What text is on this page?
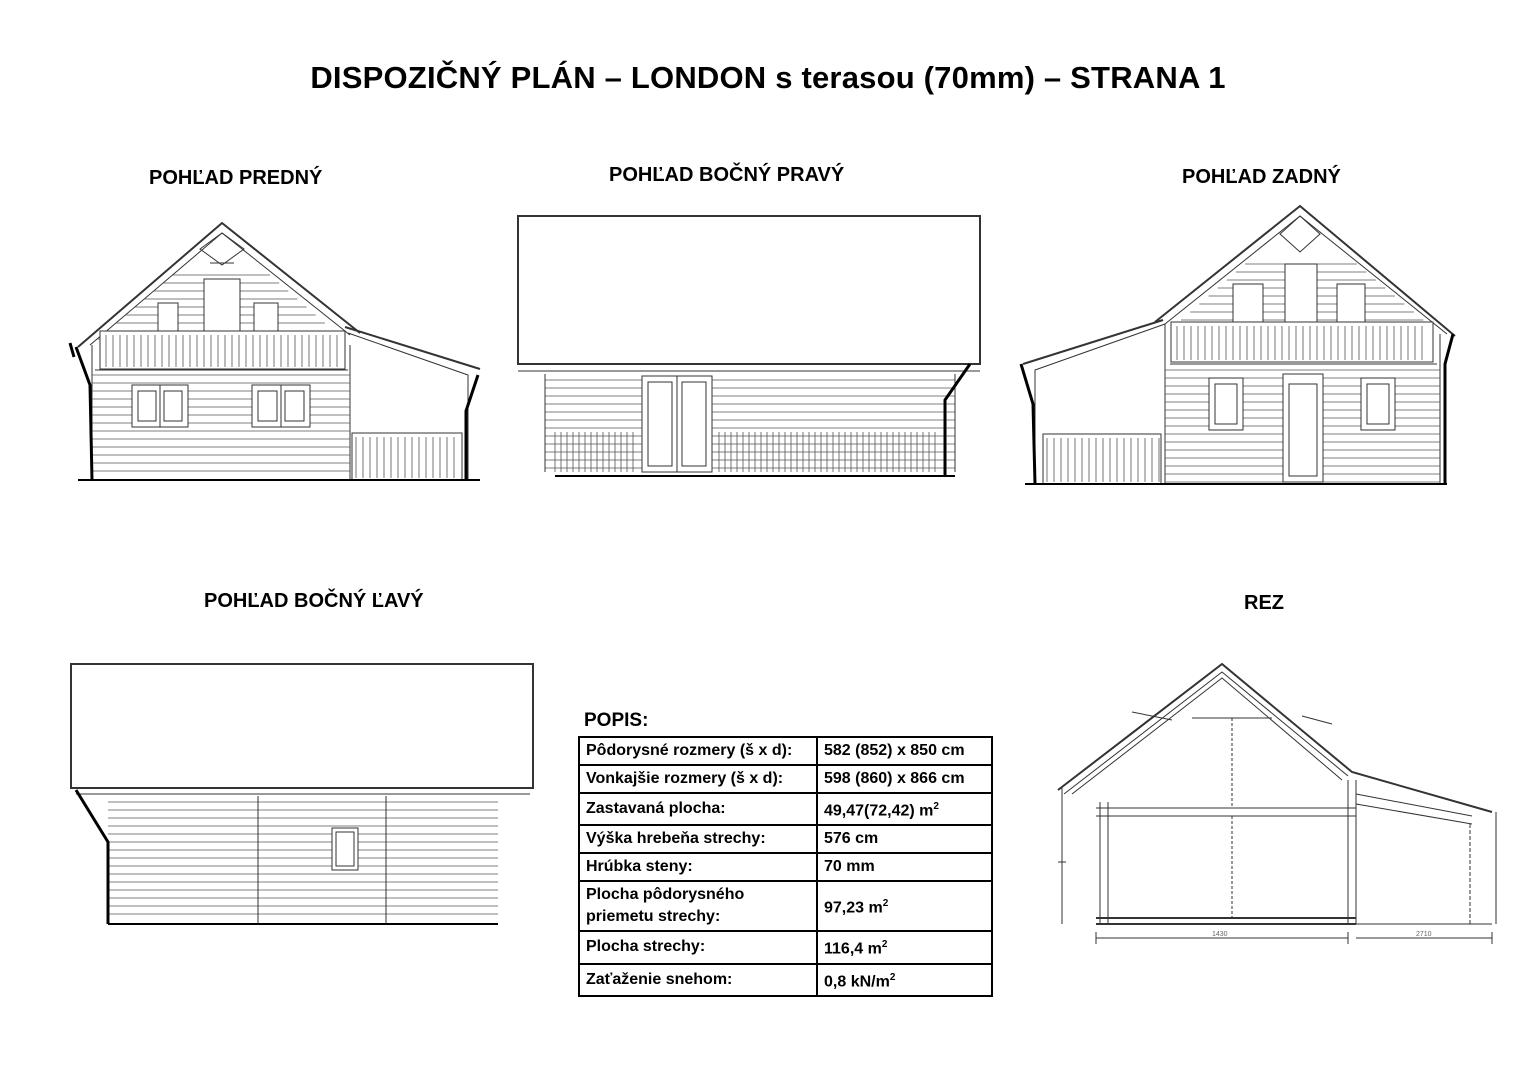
DISPOZIČNÝ PLÁN – LONDON s terasou (70mm) – STRANA 1
POHĽAD PREDNÝ	POHĽAD BOČNÝ PRAVÝ	POHĽAD ZADNÝ
POHĽAD BOČNÝ ĽAVÝ	REZ
1430	2710
POPIS:
Pôdorysné rozmery (š x d):	582 (852) x 850 cm
Vonkajšie rozmery (š x d):	598 (860) x 866 cm
Zastavaná plocha:	49,47(72,42) $m^2$
Výška hrebeňa strechy:	576 cm
Hrúbka steny:	70 mm
Plocha pôdorysného priemetu strechy:	97,23 $m^2$
Plocha strechy:	116,4 $m^2$
Zaťaženie snehom:	0,8 $kN/m^2$
